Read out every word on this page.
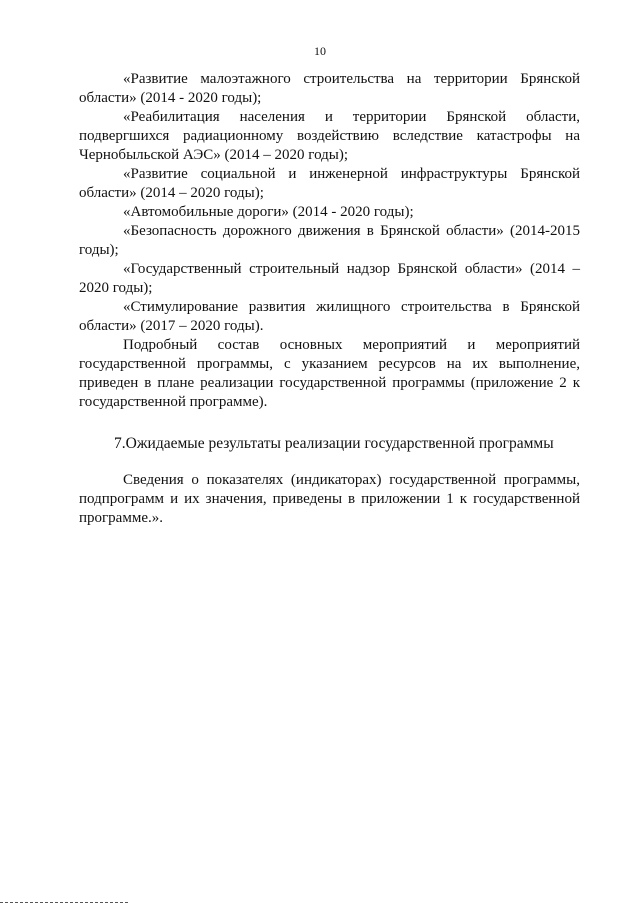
10

«Развитие малоэтажного строительства на территории Брянской области» (2014 - 2020 годы);

«Реабилитация населения и территории Брянской области, подвергшихся радиационному воздействию вследствие катастрофы на Чернобыльской АЭС» (2014 – 2020 годы);

«Развитие социальной и инженерной инфраструктуры Брянской области» (2014 – 2020 годы);

«Автомобильные дороги» (2014 - 2020 годы);

«Безопасность дорожного движения в Брянской области» (2014-2015 годы);

«Государственный строительный надзор Брянской области» (2014 – 2020 годы);

«Стимулирование развития жилищного строительства в Брянской области» (2017 – 2020 годы).

Подробный состав основных мероприятий и мероприятий государственной программы, с указанием ресурсов на их выполнение, приведен в плане реализации государственной программы (приложение 2 к государственной программе).

7.Ожидаемые результаты реализации государственной программы

Сведения о показателях (индикаторах) государственной программы, подпрограмм и их значения, приведены в приложении 1 к государственной программе.».
